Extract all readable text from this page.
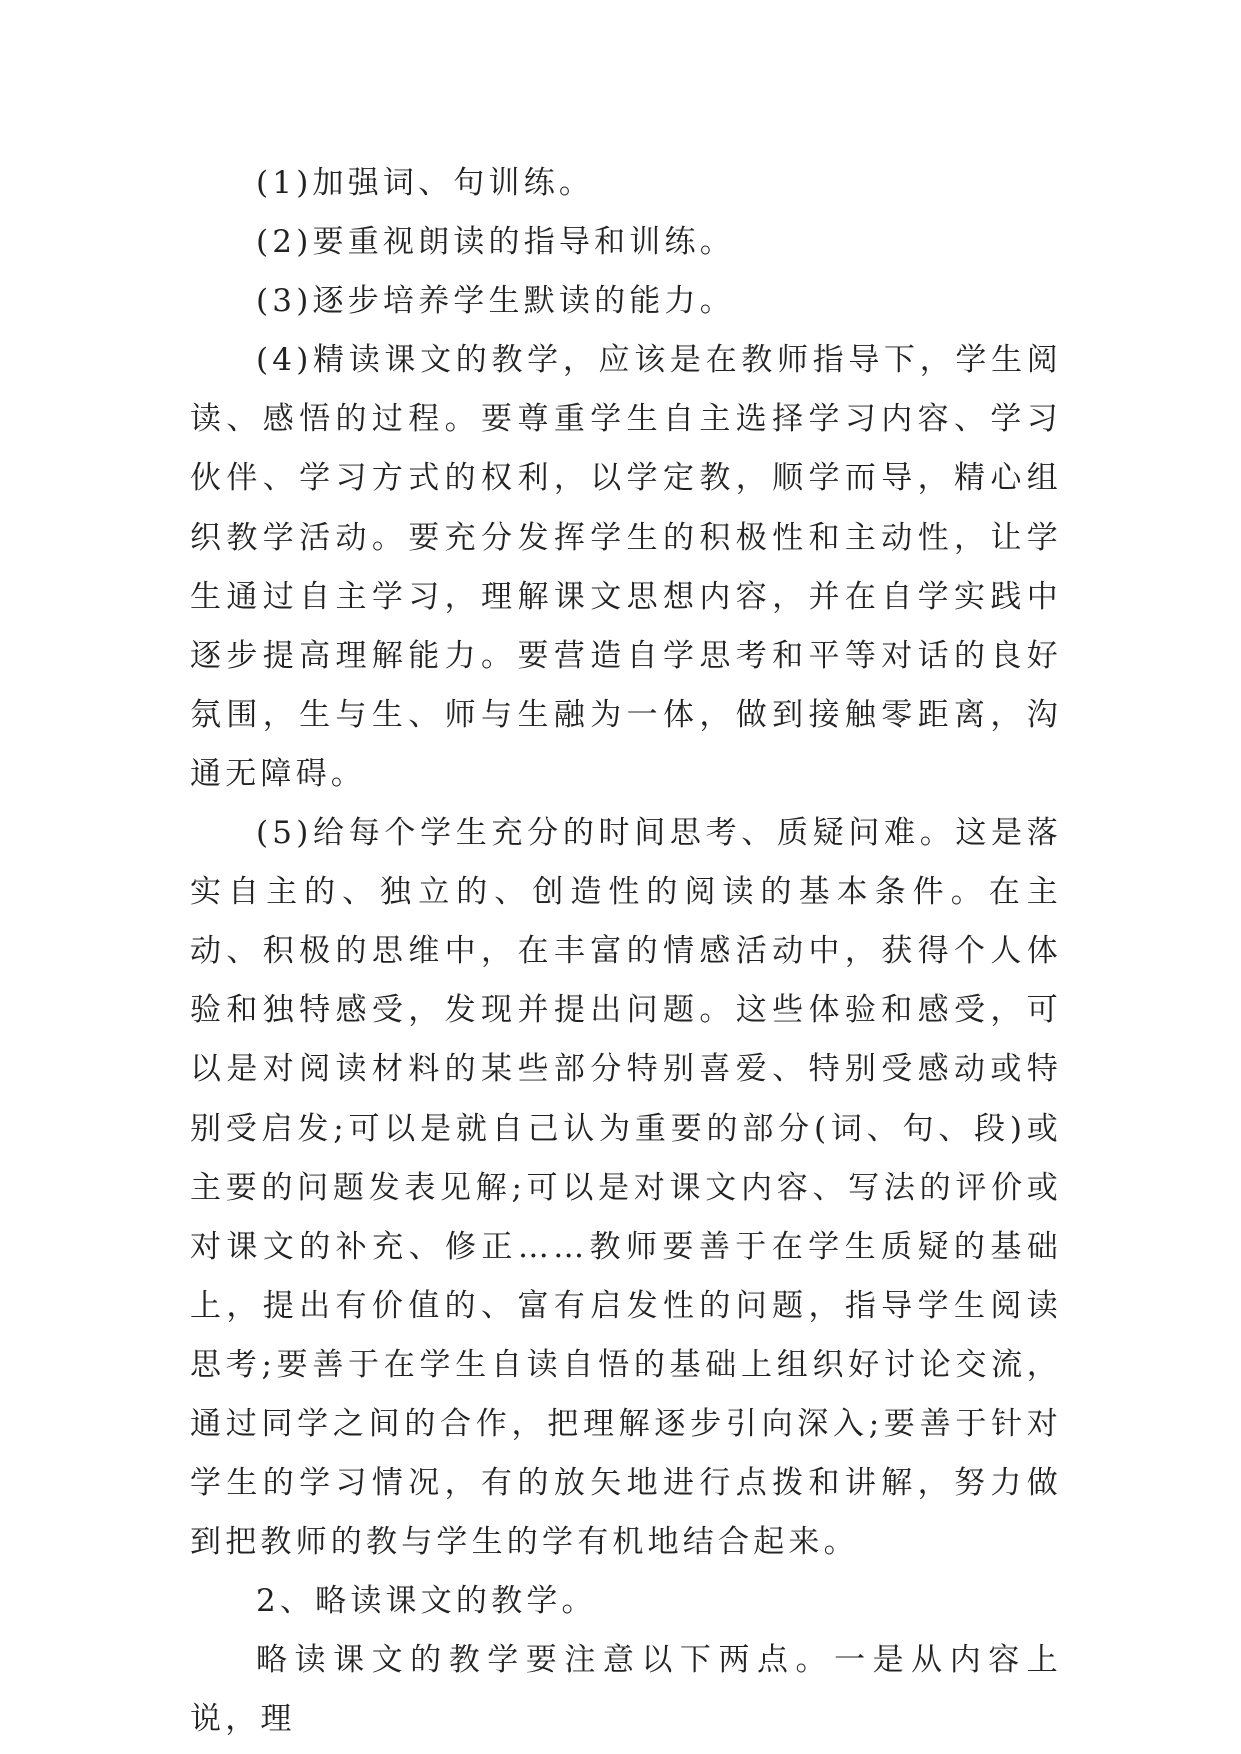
(1)加强词、句训练。

(2)要重视朗读的指导和训练。

(3)逐步培养学生默读的能力。

(4)精读课文的教学，应该是在教师指导下，学生阅读、感悟的过程。要尊重学生自主选择学习内容、学习伙伴、学习方式的权利，以学定教，顺学而导，精心组织教学活动。要充分发挥学生的积极性和主动性，让学生通过自主学习，理解课文思想内容，并在自学实践中逐步提高理解能力。要营造自学思考和平等对话的良好氛围，生与生、师与生融为一体，做到接触零距离，沟通无障碍。

(5)给每个学生充分的时间思考、质疑问难。这是落实自主的、独立的、创造性的阅读的基本条件。在主动、积极的思维中，在丰富的情感活动中，获得个人体验和独特感受，发现并提出问题。这些体验和感受，可以是对阅读材料的某些部分特别喜爱、特别受感动或特别受启发;可以是就自己认为重要的部分(词、句、段)或主要的问题发表见解;可以是对课文内容、写法的评价或对课文的补充、修正……教师要善于在学生质疑的基础上，提出有价值的、富有启发性的问题，指导学生阅读思考;要善于在学生自读自悟的基础上组织好讨论交流，通过同学之间的合作，把理解逐步引向深入;要善于针对学生的学习情况，有的放矢地进行点拨和讲解，努力做到把教师的教与学生的学有机地结合起来。

2、略读课文的教学。

略读课文的教学要注意以下两点。一是从内容上说，理
